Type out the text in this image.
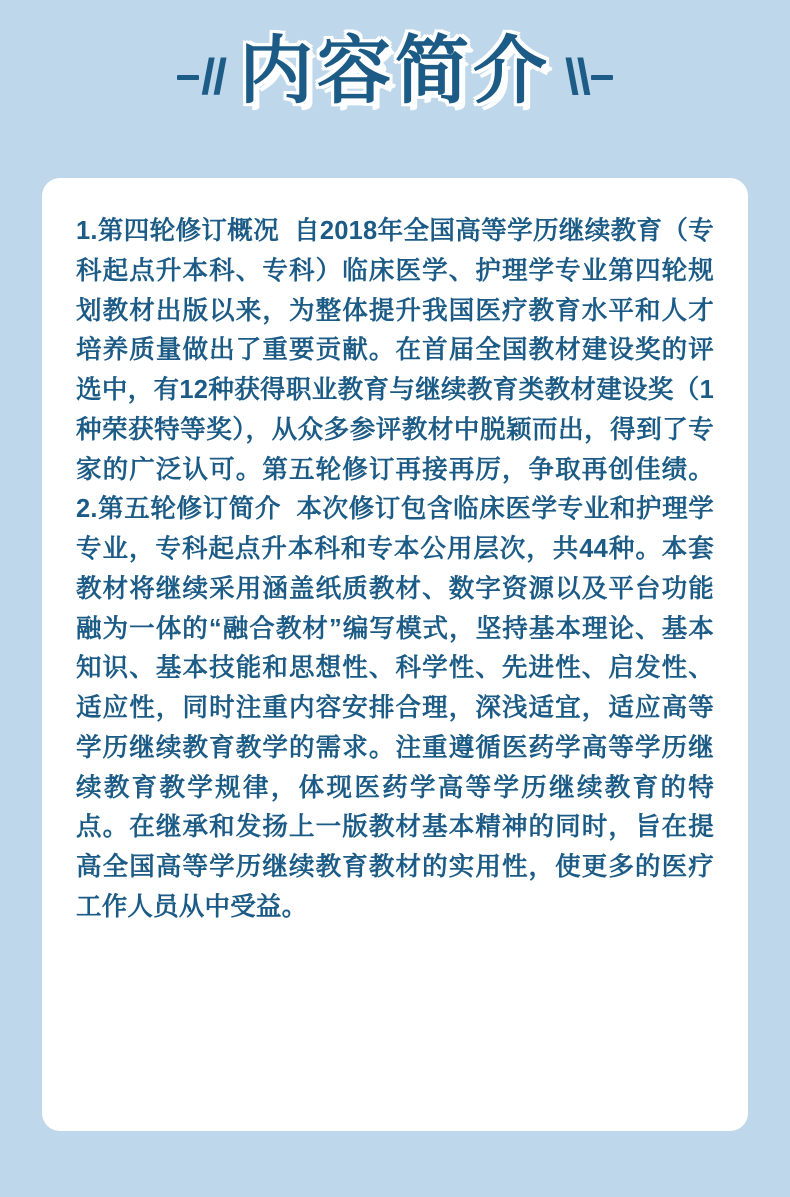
// 内容简介 \\

1.第四轮修订概况  自2018年全国高等学历继续教育（专科起点升本科、专科）临床医学、护理学专业第四轮规划教材出版以来，为整体提升我国医疗教育水平和人才培养质量做出了重要贡献。在首届全国教材建设奖的评选中，有12种获得职业教育与继续教育类教材建设奖（1种荣获特等奖），从众多参评教材中脱颖而出，得到了专家的广泛认可。第五轮修订再接再厉，争取再创佳绩。  2.第五轮修订简介  本次修订包含临床医学专业和护理学专业，专科起点升本科和专本公用层次，共44种。本套教材将继续采用涵盖纸质教材、数字资源以及平台功能融为一体的“融合教材”编写模式，坚持基本理论、基本知识、基本技能和思想性、科学性、先进性、启发性、适应性，同时注重内容安排合理，深浅适宜，适应高等学历继续教育教学的需求。注重遵循医药学高等学历继续教育教学规律，体现医药学高等学历继续教育的特点。在继承和发扬上一版教材基本精神的同时，旨在提高全国高等学历继续教育教材的实用性，使更多的医疗工作人员从中受益。
